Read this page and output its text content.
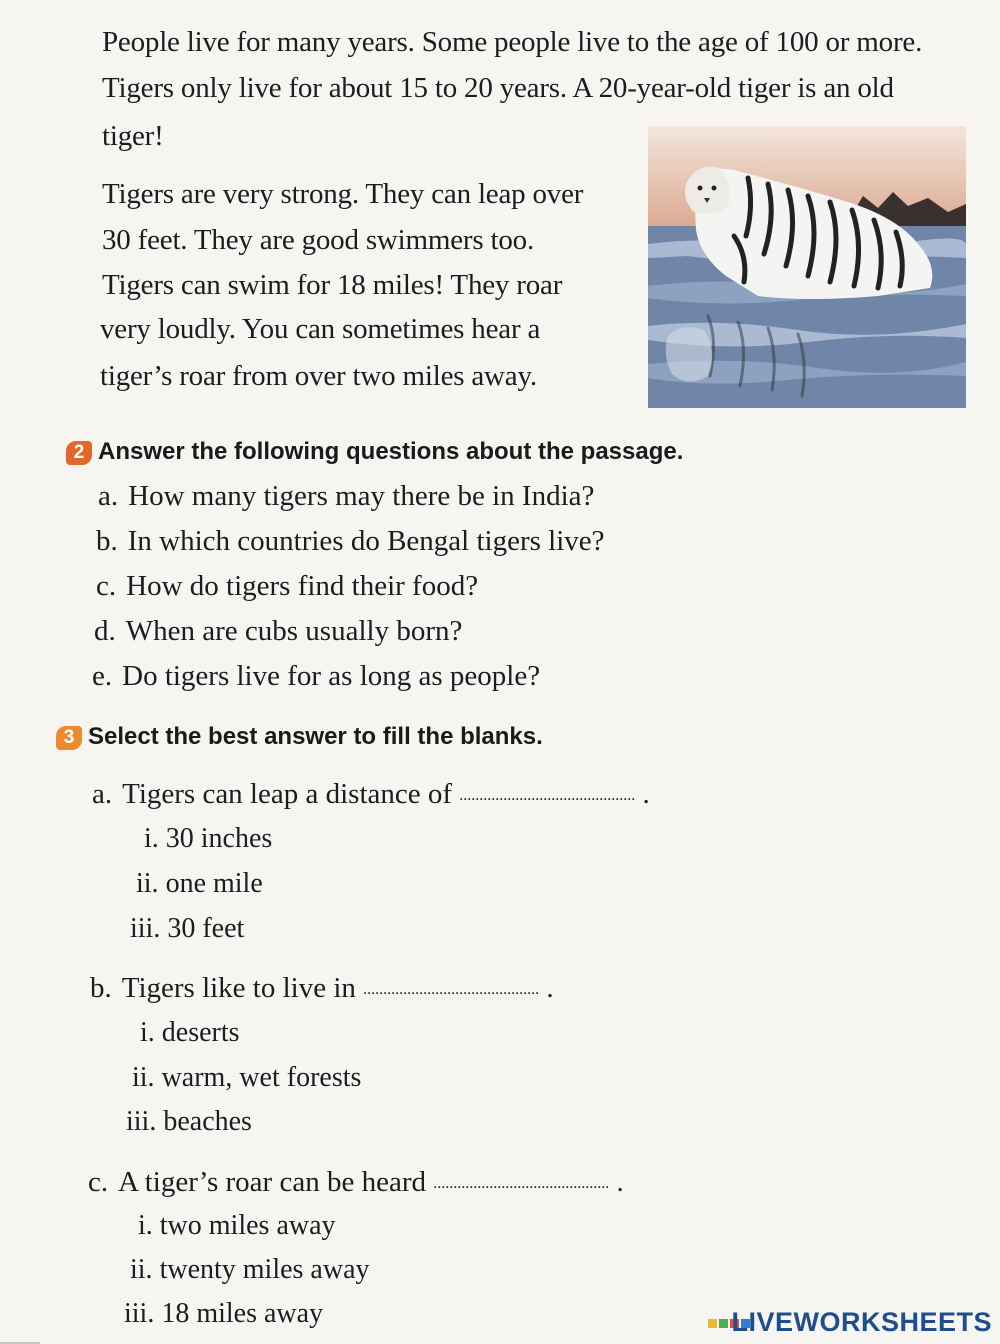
People live for many years. Some people live to the age of 100 or more.
Tigers only live for about 15 to 20 years. A 20-year-old tiger is an old
tiger!
Tigers are very strong. They can leap over
30 feet. They are good swimmers too.
Tigers can swim for 18 miles! They roar
very loudly. You can sometimes hear a
tiger’s roar from over two miles away.
2 Answer the following questions about the passage.
a. How many tigers may there be in India?
b. In which countries do Bengal tigers live?
c. How do tigers find their food?
d. When are cubs usually born?
e. Do tigers live for as long as people?
3 Select the best answer to fill the blanks.
a. Tigers can leap a distance of ............................................ .
i. 30 inches
ii. one mile
iii. 30 feet
b. Tigers like to live in ............................................ .
i. deserts
ii. warm, wet forests
iii. beaches
c. A tiger’s roar can be heard ............................................ .
i. two miles away
ii. twenty miles away
iii. 18 miles away	LIVEWORKSHEETS
